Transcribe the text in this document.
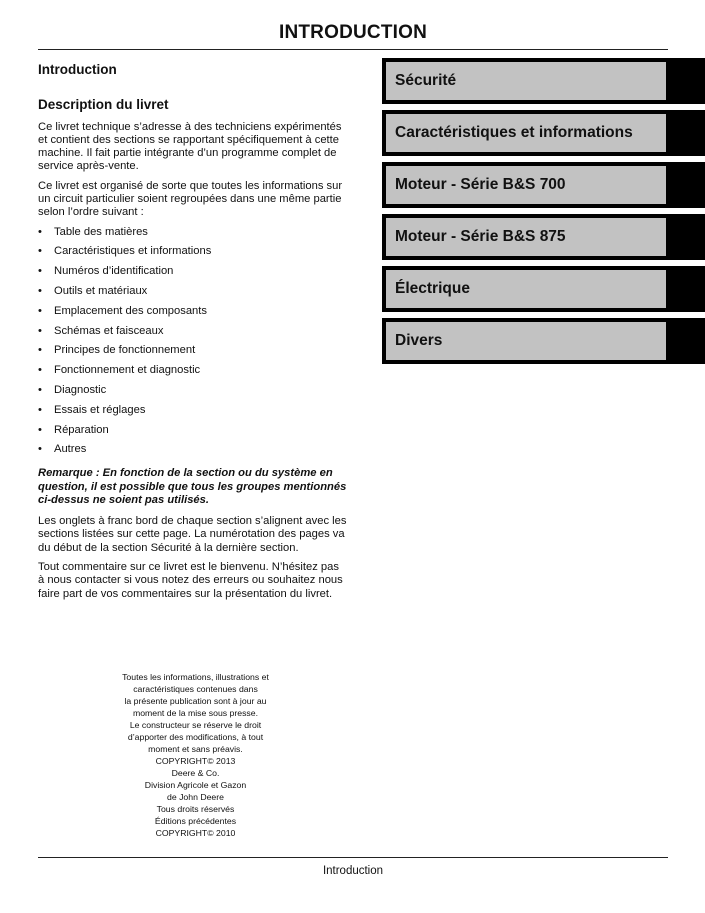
INTRODUCTION
Introduction
Description du livret

Ce livret technique s’adresse à des techniciens expérimentés et contient des sections se rapportant spécifiquement à cette machine. Il fait partie intégrante d’un programme complet de service après-vente.

Ce livret est organisé de sorte que toutes les informations sur un circuit particulier soient regroupées dans une même partie selon l’ordre suivant :

• Table des matières
• Caractéristiques et informations
• Numéros d’identification
• Outils et matériaux
• Emplacement des composants
• Schémas et faisceaux
• Principes de fonctionnement
• Fonctionnement et diagnostic
• Diagnostic
• Essais et réglages
• Réparation
• Autres

Remarque : En fonction de la section ou du système en question, il est possible que tous les groupes mentionnés ci-dessus ne soient pas utilisés.

Les onglets à franc bord de chaque section s’alignent avec les sections listées sur cette page. La numérotation des pages va du début de la section Sécurité à la dernière section.

Tout commentaire sur ce livret est le bienvenu. N’hésitez pas à nous contacter si vous notez des erreurs ou souhaitez nous faire part de vos commentaires sur la présentation du livret.

Sécurité
Caractéristiques et informations
Moteur - Série B&S 700
Moteur - Série B&S 875
Électrique
Divers
Toutes les informations, illustrations et
caractéristiques contenues dans
la présente publication sont à jour au
moment de la mise sous presse.
Le constructeur se réserve le droit
d’apporter des modifications, à tout
moment et sans préavis.
COPYRIGHT© 2013
Deere & Co.
Division Agricole et Gazon
de John Deere
Tous droits réservés
Éditions précédentes
COPYRIGHT© 2010
Introduction
